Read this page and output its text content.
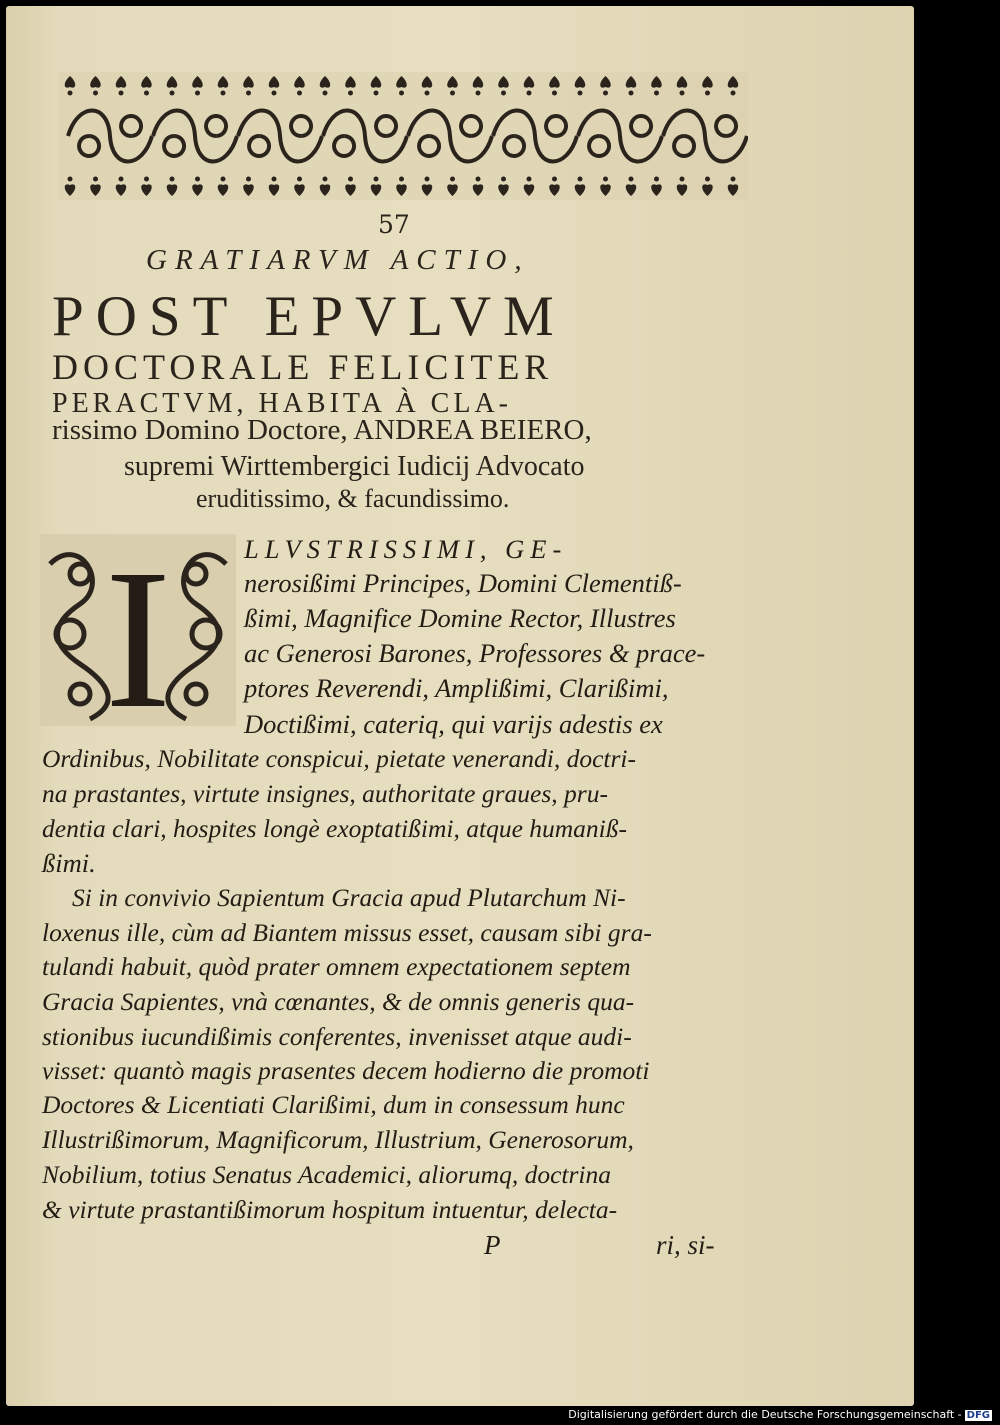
57
GRATIARVM ACTIO,
POST EPVLVM
DOCTORALE FELICITER
PERACTVM, HABITA À CLA-
rissimo Domino Doctore, ANDREA BEIERO,
supremi Wirttembergici Iudicij Advocato
eruditissimo, & facundissimo.
I	LLVSTRISSIMI, GE-
nerosißimi Principes, Domini Clementiß-
ßimi, Magnifice Domine Rector, Illustres
ac Generosi Barones, Professores & prace-
ptores Reverendi, Amplißimi, Clarißimi,
Doctißimi, cateriq, qui varijs adestis ex
Ordinibus, Nobilitate conspicui, pietate venerandi, doctri-
na prastantes, virtute insignes, authoritate graues, pru-
dentia clari, hospites longè exoptatißimi, atque humaniß-
ßimi.
Si in convivio Sapientum Gracia apud Plutarchum Ni-
loxenus ille, cùm ad Biantem missus esset, causam sibi gra-
tulandi habuit, quòd prater omnem expectationem septem
Gracia Sapientes, vnà cœnantes, & de omnis generis qua-
stionibus iucundißimis conferentes, invenisset atque audi-
visset: quantò magis prasentes decem hodierno die promoti
Doctores & Licentiati Clarißimi, dum in consessum hunc
Illustrißimorum, Magnificorum, Illustrium, Generosorum,
Nobilium, totius Senatus Academici, aliorumq, doctrina
& virtute prastantißimorum hospitum intuentur, delecta-
P	ri, si-
Digitalisierung gefördert durch die Deutsche Forschungsgemeinschaft - DFG
